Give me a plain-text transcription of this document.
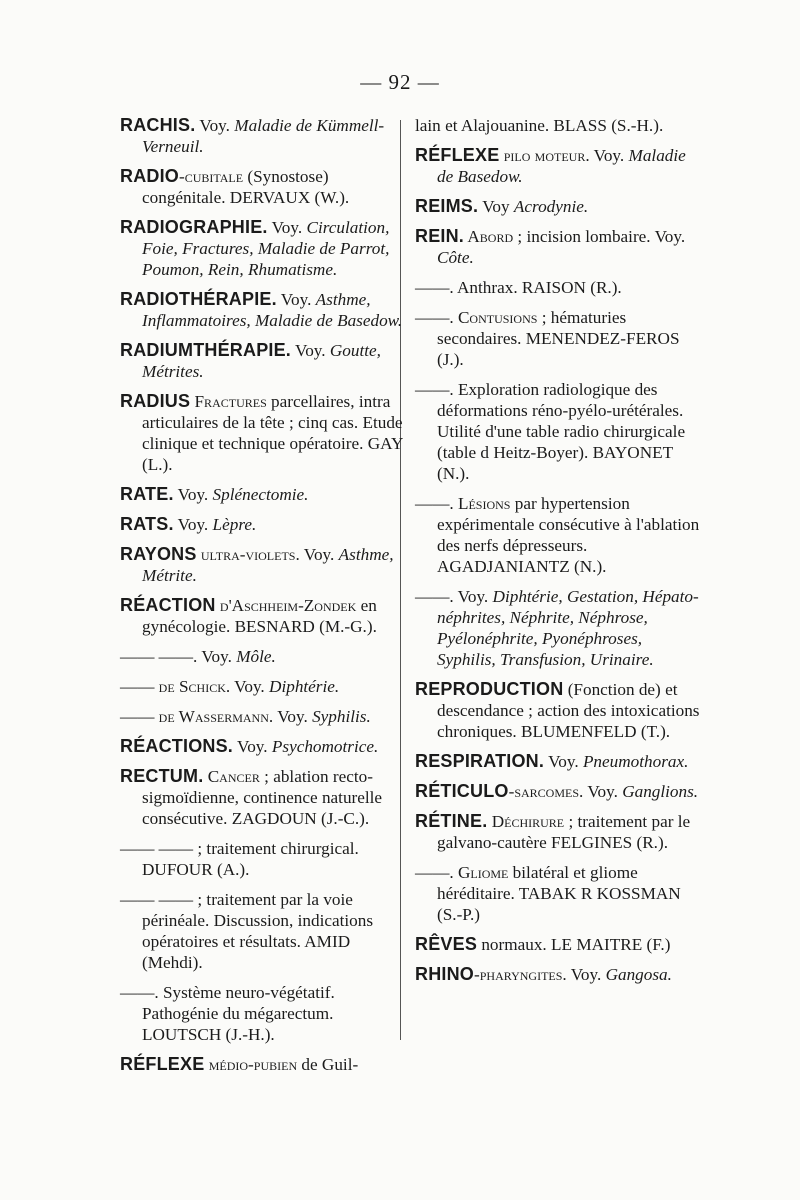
— 92 —
RACHIS. Voy. Maladie de Kümmell-Verneuil.
RADIO-cubitale (Synostose) congénitale. DERVAUX (W.).
RADIOGRAPHIE. Voy. Circulation, Foie, Fractures, Maladie de Parrot, Poumon, Rein, Rhumatisme.
RADIOTHÉRAPIE. Voy. Asthme, Inflammatoires, Maladie de Basedow.
RADIUMTHÉRAPIE. Voy. Goutte, Métrites.
RADIUS Fractures parcellaires, intra articulaires de la tête ; cinq cas. Etude clinique et technique opératoire. GAY (L.).
RATE. Voy. Splénectomie.
RATS. Voy. Lèpre.
RAYONS ultra-violets. Voy. Asthme, Métrite.
RÉACTION d'Aschheim-Zondek en gynécologie. BESNARD (M.-G.).
—— ——. Voy. Môle.
—— de Schick. Voy. Diphtérie.
—— de Wassermann. Voy. Syphilis.
RÉACTIONS. Voy. Psychomotrice.
RECTUM. Cancer ; ablation recto-sigmoïdienne, continence naturelle consécutive. ZAGDOUN (J.-C.).
—— —— ; traitement chirurgical. DUFOUR (A.).
—— —— ; traitement par la voie périnéale. Discussion, indications opératoires et résultats. AMID (Mehdi).
——. Système neuro-végétatif. Pathogénie du mégarectum. LOUTSCH (J.-H.).
RÉFLEXE médio-pubien de Guil-
lain et Alajouanine. BLASS (S.-H.).
RÉFLEXE pilo moteur. Voy. Maladie de Basedow.
REIMS. Voy Acrodynie.
REIN. Abord ; incision lombaire. Voy. Côte.
——. Anthrax. RAISON (R.).
——. Contusions ; hématuries secondaires. MENENDEZ-FEROS (J.).
——. Exploration radiologique des déformations réno-pyélo-urétérales. Utilité d'une table radio chirurgicale (table d Heitz-Boyer). BAYONET (N.).
——. Lésions par hypertension expérimentale consécutive à l'ablation des nerfs dépresseurs. AGADJANIANTZ (N.).
——. Voy. Diphtérie, Gestation, Hépato-néphrites, Néphrite, Néphrose, Pyélonéphrite, Pyonéphroses, Syphilis, Transfusion, Urinaire.
REPRODUCTION (Fonction de) et descendance ; action des intoxications chroniques. BLUMENFELD (T.).
RESPIRATION. Voy. Pneumothorax.
RÉTICULO-sarcomes. Voy. Ganglions.
RÉTINE. Déchirure ; traitement par le galvano-cautère FELGINES (R.).
——. Gliome bilatéral et gliome héréditaire. TABAK R KOSSMAN (S.-P.)
RÊVES normaux. LE MAITRE (F.)
RHINO-pharyngites. Voy. Gangosa.
